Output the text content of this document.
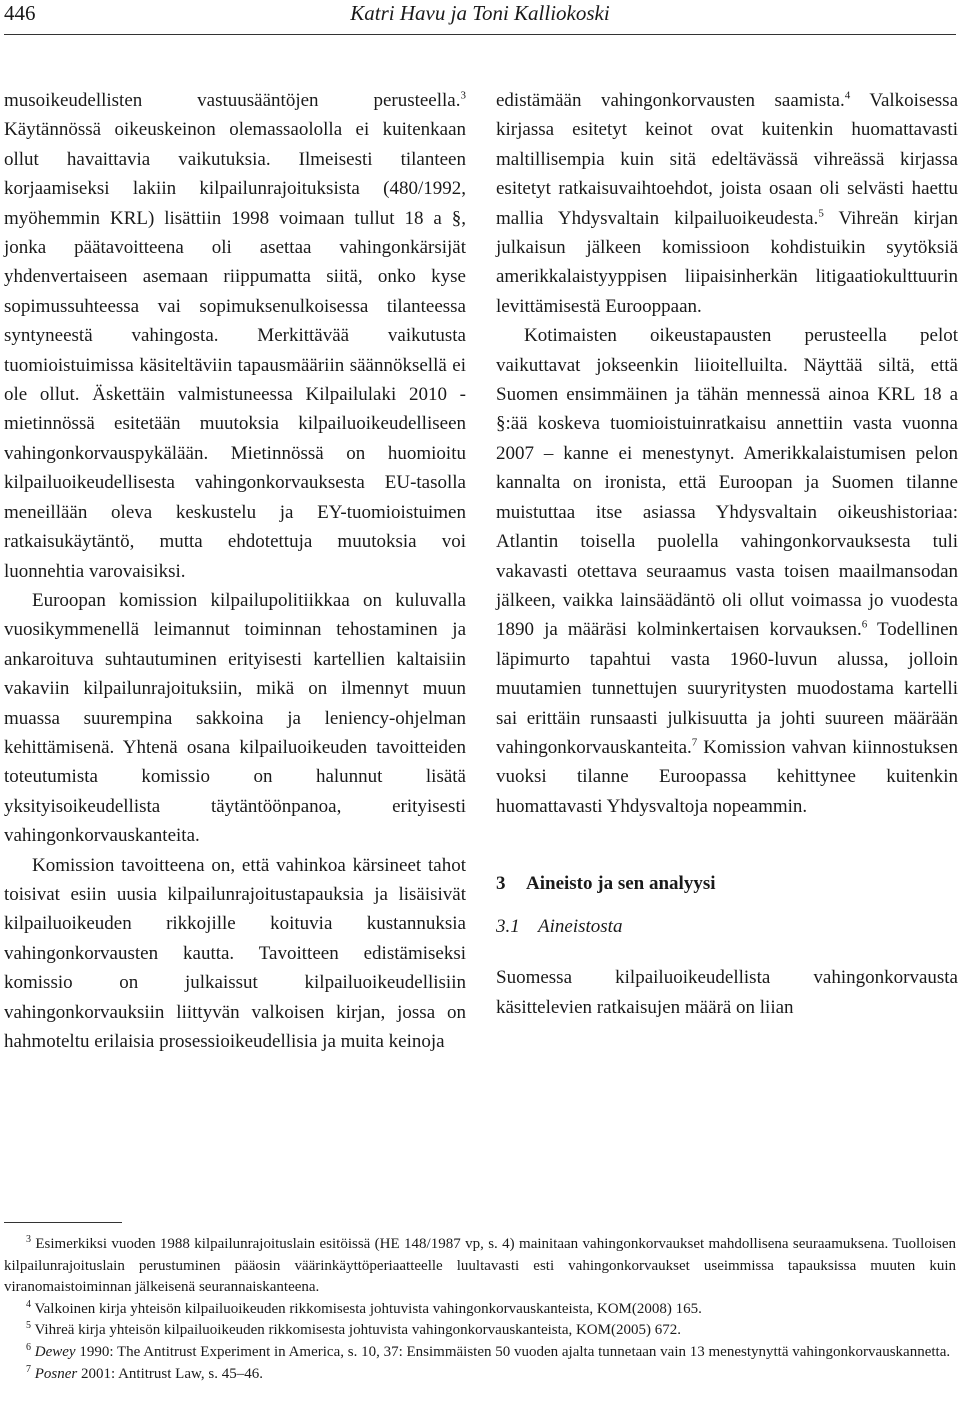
446	Katri Havu ja Toni Kalliokoski

musoikeudellisten vastuusääntöjen perusteella.$^3$ Käytännössä oikeuskeinon olemassaololla ei kuitenkaan ollut havaittavia vaikutuksia. Ilmeisesti tilanteen korjaamiseksi lakiin kilpailunrajoituksista (480/1992, myöhemmin KRL) lisättiin 1998 voimaan tullut 18 a §, jonka päätavoitteena oli asettaa vahingonkärsijät yhdenvertaiseen asemaan riippumatta siitä, onko kyse sopimussuhteessa vai sopimuksenulkoisessa tilanteessa syntyneestä vahingosta. Merkittävää vaikutusta tuomioistuimissa käsiteltäviin tapausmääriin säännöksellä ei ole ollut. Äskettäin valmistuneessa Kilpailulaki 2010 -mietinnössä esitetään muutoksia kilpailuoikeudelliseen vahingonkorvauspykälään. Mietinnössä on huomioitu kilpailuoikeudellisesta vahingonkorvauksesta EU-tasolla meneillään oleva keskustelu ja EY-tuomioistuimen ratkaisukäytäntö, mutta ehdotettuja muutoksia voi luonnehtia varovaisiksi.

Euroopan komission kilpailupolitiikkaa on kuluvalla vuosikymmenellä leimannut toiminnan tehostaminen ja ankaroituva suhtautuminen erityisesti kartellien kaltaisiin vakaviin kilpailunrajoituksiin, mikä on ilmennyt muun muassa suurempina sakkoina ja leniency-ohjelman kehittämisenä. Yhtenä osana kilpailuoikeuden tavoitteiden toteutumista komissio on halunnut lisätä yksityisoikeudellista täytäntöönpanoa, erityisesti vahingonkorvauskanteita.

Komission tavoitteena on, että vahinkoa kärsineet tahot toisivat esiin uusia kilpailunrajoitustapauksia ja lisäisivät kilpailuoikeuden rikkojille koituvia kustannuksia vahingonkorvausten kautta. Tavoitteen edistämiseksi komissio on julkaissut kilpailuoikeudellisiin vahingonkorvauksiin liittyvän valkoisen kirjan, jossa on hahmoteltu erilaisia prosessioikeudellisia ja muita keinoja

edistämään vahingonkorvausten saamista.$^4$ Valkoisessa kirjassa esitetyt keinot ovat kuitenkin huomattavasti maltillisempia kuin sitä edeltävässä vihreässä kirjassa esitetyt ratkaisuvaihtoehdot, joista osaan oli selvästi haettu mallia Yhdysvaltain kilpailuoikeudesta.$^5$ Vihreän kirjan julkaisun jälkeen komissioon kohdistuikin syytöksiä amerikkalaistyyppisen liipaisinherkän litigaatiokulttuurin levittämisestä Eurooppaan.

Kotimaisten oikeustapausten perusteella pelot vaikuttavat jokseenkin liioitelluilta. Näyttää siltä, että Suomen ensimmäinen ja tähän mennessä ainoa KRL 18 a §:ää koskeva tuomioistuinratkaisu annettiin vasta vuonna 2007 – kanne ei menestynyt. Amerikkalaistumisen pelon kannalta on ironista, että Euroopan ja Suomen tilanne muistuttaa itse asiassa Yhdysvaltain oikeushistoriaa: Atlantin toisella puolella vahingonkorvauksesta tuli vakavasti otettava seuraamus vasta toisen maailmansodan jälkeen, vaikka lainsäädäntö oli ollut voimassa jo vuodesta 1890 ja määräsi kolminkertaisen korvauksen.$^6$ Todellinen läpimurto tapahtui vasta 1960-luvun alussa, jolloin muutamien tunnettujen suuryritysten muodostama kartelli sai erittäin runsaasti julkisuutta ja johti suureen määrään vahingonkorvauskanteita.$^7$ Komission vahvan kiinnostuksen vuoksi tilanne Euroopassa kehittynee kuitenkin huomattavasti Yhdysvaltoja nopeammin.

3 Aineisto ja sen analyysi
3.1 Aineistosta

Suomessa kilpailuoikeudellista vahingonkorvausta käsittelevien ratkaisujen määrä on liian

$^3$ Esimerkiksi vuoden 1988 kilpailunrajoituslain esitöissä (HE 148/1987 vp, s. 4) mainitaan vahingonkorvaukset mahdollisena seuraamuksena. Tuolloisen kilpailunrajoituslain perustuminen pääosin väärinkäyttöperiaatteelle luultavasti esti vahingonkorvaukset useimmissa tapauksissa muuten kuin viranomaistoiminnan jälkeisenä seurannaiskanteena.

$^4$ Valkoinen kirja yhteisön kilpailuoikeuden rikkomisesta johtuvista vahingonkorvauskanteista, KOM(2008) 165.

$^5$ Vihreä kirja yhteisön kilpailuoikeuden rikkomisesta johtuvista vahingonkorvauskanteista, KOM(2005) 672.

$^6$ Dewey 1990: The Antitrust Experiment in America, s. 10, 37: Ensimmäisten 50 vuoden ajalta tunnetaan vain 13 menestynyttä vahingonkorvauskannetta.

$^7$ Posner 2001: Antitrust Law, s. 45–46.
